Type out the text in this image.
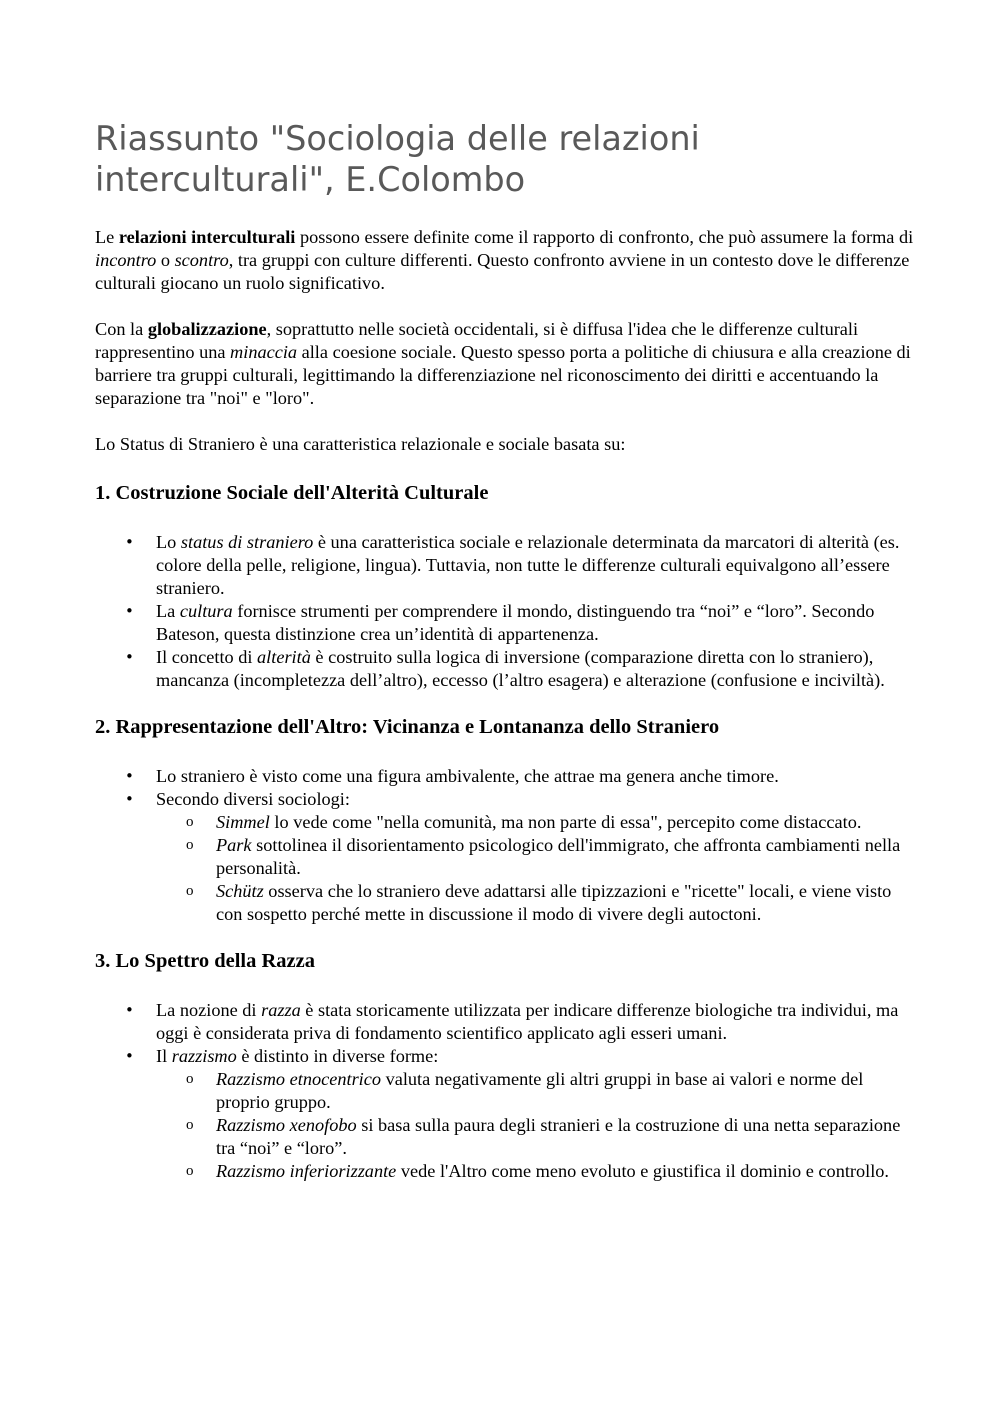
Riassunto "Sociologia delle relazioni interculturali", E.Colombo

Le relazioni interculturali possono essere definite come il rapporto di confronto, che può assumere la forma di incontro o scontro, tra gruppi con culture differenti. Questo confronto avviene in un contesto dove le differenze culturali giocano un ruolo significativo.

Con la globalizzazione, soprattutto nelle società occidentali, si è diffusa l'idea che le differenze culturali rappresentino una minaccia alla coesione sociale. Questo spesso porta a politiche di chiusura e alla creazione di barriere tra gruppi culturali, legittimando la differenziazione nel riconoscimento dei diritti e accentuando la separazione tra "noi" e "loro".

Lo Status di Straniero è una caratteristica relazionale e sociale basata su:

1. Costruzione Sociale dell'Alterità Culturale
• Lo status di straniero è una caratteristica sociale e relazionale determinata da marcatori di alterità (es. colore della pelle, religione, lingua). Tuttavia, non tutte le differenze culturali equivalgono all’essere straniero.
• La cultura fornisce strumenti per comprendere il mondo, distinguendo tra “noi” e “loro”. Secondo Bateson, questa distinzione crea un’identità di appartenenza.
• Il concetto di alterità è costruito sulla logica di inversione (comparazione diretta con lo straniero), mancanza (incompletezza dell’altro), eccesso (l’altro esagera) e alterazione (confusione e inciviltà).
2. Rappresentazione dell'Altro: Vicinanza e Lontananza dello Straniero
• Lo straniero è visto come una figura ambivalente, che attrae ma genera anche timore.
• Secondo diversi sociologi:
o Simmel lo vede come "nella comunità, ma non parte di essa", percepito come distaccato.
o Park sottolinea il disorientamento psicologico dell'immigrato, che affronta cambiamenti nella personalità.
o Schütz osserva che lo straniero deve adattarsi alle tipizzazioni e "ricette" locali, e viene visto con sospetto perché mette in discussione il modo di vivere degli autoctoni.
3. Lo Spettro della Razza
• La nozione di razza è stata storicamente utilizzata per indicare differenze biologiche tra individui, ma oggi è considerata priva di fondamento scientifico applicato agli esseri umani.
• Il razzismo è distinto in diverse forme:
o Razzismo etnocentrico valuta negativamente gli altri gruppi in base ai valori e norme del proprio gruppo.
o Razzismo xenofobo si basa sulla paura degli stranieri e la costruzione di una netta separazione tra “noi” e “loro”.
o Razzismo inferiorizzante vede l'Altro come meno evoluto e giustifica il dominio e controllo.
